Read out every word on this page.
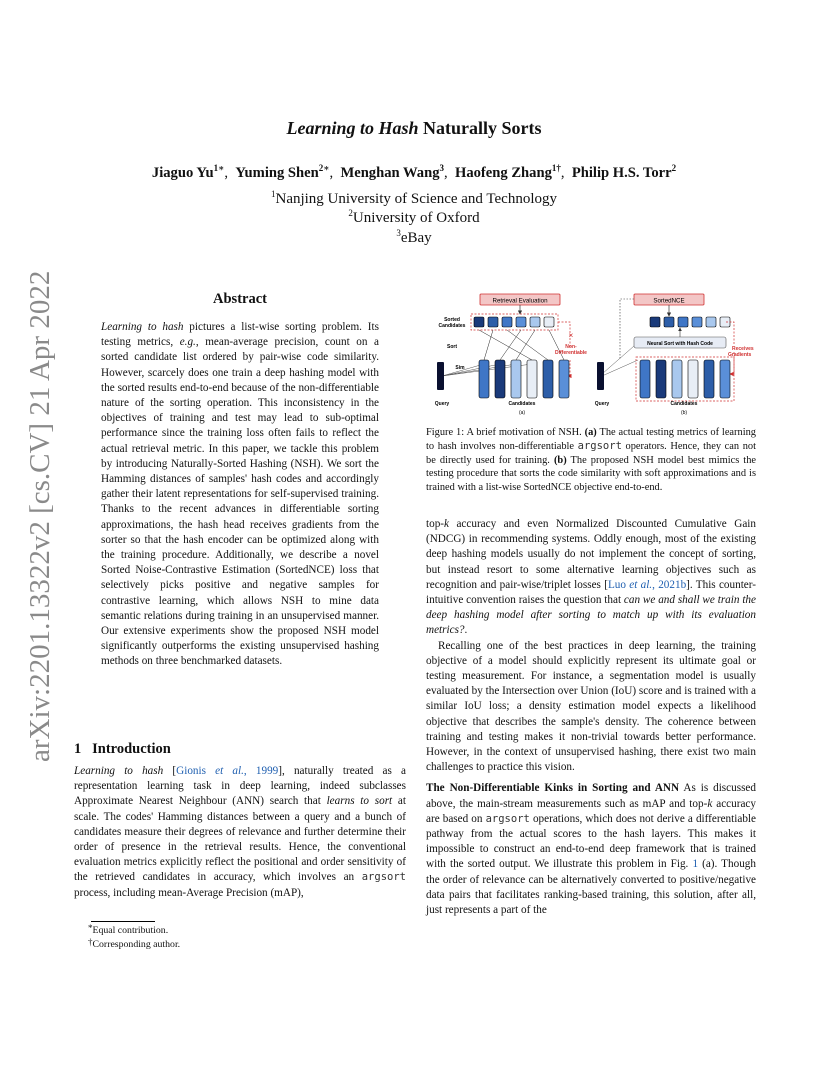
Learning to Hash Naturally Sorts
Jiaguo $Yu^{1∗}$,  Yuming Shen$^{2∗}$,  Menghan Wang$^3$,  Haofeng Zhang$^{1\dagger}$,  Philip H.S. Torr$^2$
$^1$Nanjing University of Science and Technology
$^2$University of Oxford
$^3$eBay
arXiv:2201.13322v2 [cs.CV] 21 Apr 2022	Abstract
Learning to hash pictures a list-wise sorting problem. Its testing metrics, e.g., mean-average precision, count on a sorted candidate list ordered by pair-wise code similarity. However, scarcely does one train a deep hashing model with the sorted results end-to-end because of the non-differentiable nature of the sorting operation. This inconsistency in the objectives of training and test may lead to sub-optimal performance since the training loss often fails to reflect the actual retrieval metric. In this paper, we tackle this problem by introducing Naturally-Sorted Hashing (NSH). We sort the Hamming distances of samples' hash codes and accordingly gather their latent representations for self-supervised training. Thanks to the recent advances in differentiable sorting approximations, the hash head receives gradients from the sorter so that the hash encoder can be optimized along with the training procedure. Additionally, we describe a novel Sorted Noise-Contrastive Estimation (SortedNCE) loss that selectively picks positive and negative samples for contrastive learning, which allows NSH to mine data semantic relations during training in an unsupervised manner. Our extensive experiments show the proposed NSH model significantly outperforms the existing unsupervised hashing methods on three benchmarked datasets.
1 Introduction
Learning to hash [Gionis et al., 1999], naturally treated as a representation learning task in deep learning, indeed subclasses Approximate Nearest Neighbour (ANN) search that learns to sort at scale. The codes' Hamming distances between a query and a bunch of candidates measure their degrees of relevance and further determine their order of presence in the retrieval results. Hence, the conventional evaluation metrics explicitly reflect the positional and order sensitivity of the retrieved candidates in accuracy, which involves an argsort process, including mean-Average Precision (mAP),
*Equal contribution.
†Corresponding author.
Retrieval Evaluation
Sorted Candidates
Sort
×
Non-Differentiable
Sim
Query	Candidates
(a)
SortedNCE
Neural Sort with Hash Code
Receives Gradients
Query	Candidates
(b)
Figure 1: A brief motivation of NSH. (a) The actual testing metrics of learning to hash involves non-differentiable argsort operators. Hence, they can not be directly used for training. (b) The proposed NSH model best mimics the testing procedure that sorts the code similarity with soft approximations and is trained with a list-wise SortedNCE objective end-to-end.

top-k accuracy and even Normalized Discounted Cumulative Gain (NDCG) in recommending systems. Oddly enough, most of the existing deep hashing models usually do not implement the concept of sorting, but instead resort to some alternative learning objectives such as recognition and pair-wise/triplet losses [Luo et al., 2021b]. This counter-intuitive convention raises the question that can we and shall we train the deep hashing model after sorting to match up with its evaluation metrics?.

Recalling one of the best practices in deep learning, the training objective of a model should explicitly represent its ultimate goal or testing measurement. For instance, a segmentation model is usually evaluated by the Intersection over Union (IoU) score and is trained with a similar IoU loss; a density estimation model expects a likelihood objective that describes the sample's density. The coherence between training and testing makes it non-trivial towards better performance. However, in the context of unsupervised hashing, there exist two main challenges to practice this vision.

The Non-Differentiable Kinks in Sorting and ANN As is discussed above, the main-stream measurements such as mAP and top-k accuracy are based on argsort operations, which does not derive a differentiable pathway from the actual scores to the hash layers. This makes it impossible to construct an end-to-end deep framework that is trained with the sorted output. We illustrate this problem in Fig. 1 (a). Though the order of relevance can be alternatively converted to positive/negative data pairs that facilitates ranking-based training, this solution, after all, just represents a part of the
